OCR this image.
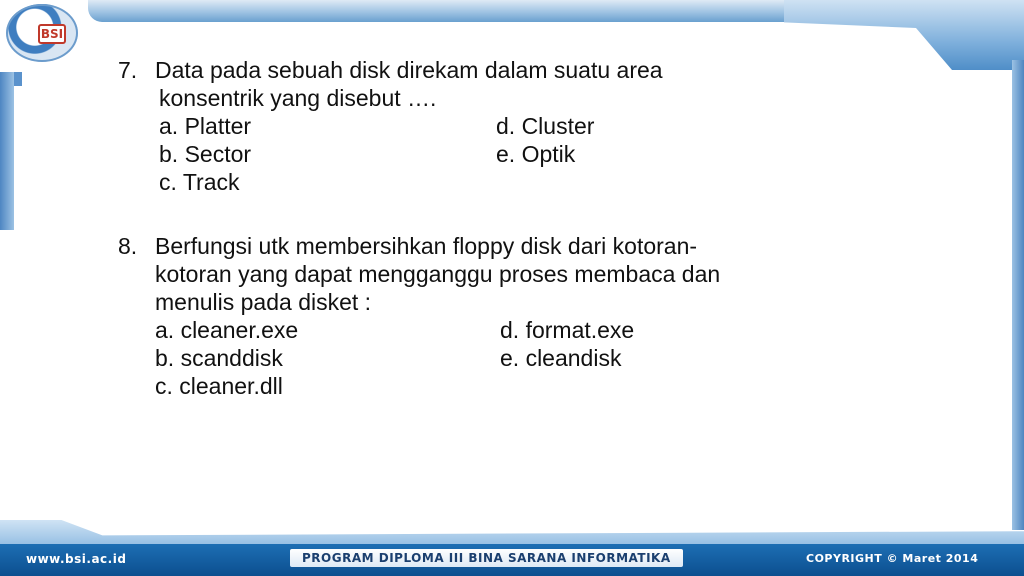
BSI
7. Data pada sebuah disk direkam dalam suatu area
konsentrik yang disebut ….
a. Platter	d. Cluster
b. Sector	e. Optik
c. Track
8. Berfungsi utk membersihkan floppy disk dari kotoran-
kotoran yang dapat mengganggu proses membaca dan
menulis pada disket :
a. cleaner.exe	d. format.exe
b. scanddisk	e. cleandisk
c. cleaner.dll
www.bsi.ac.id	PROGRAM DIPLOMA III BINA SARANA INFORMATIKA	COPYRIGHT © Maret 2014
